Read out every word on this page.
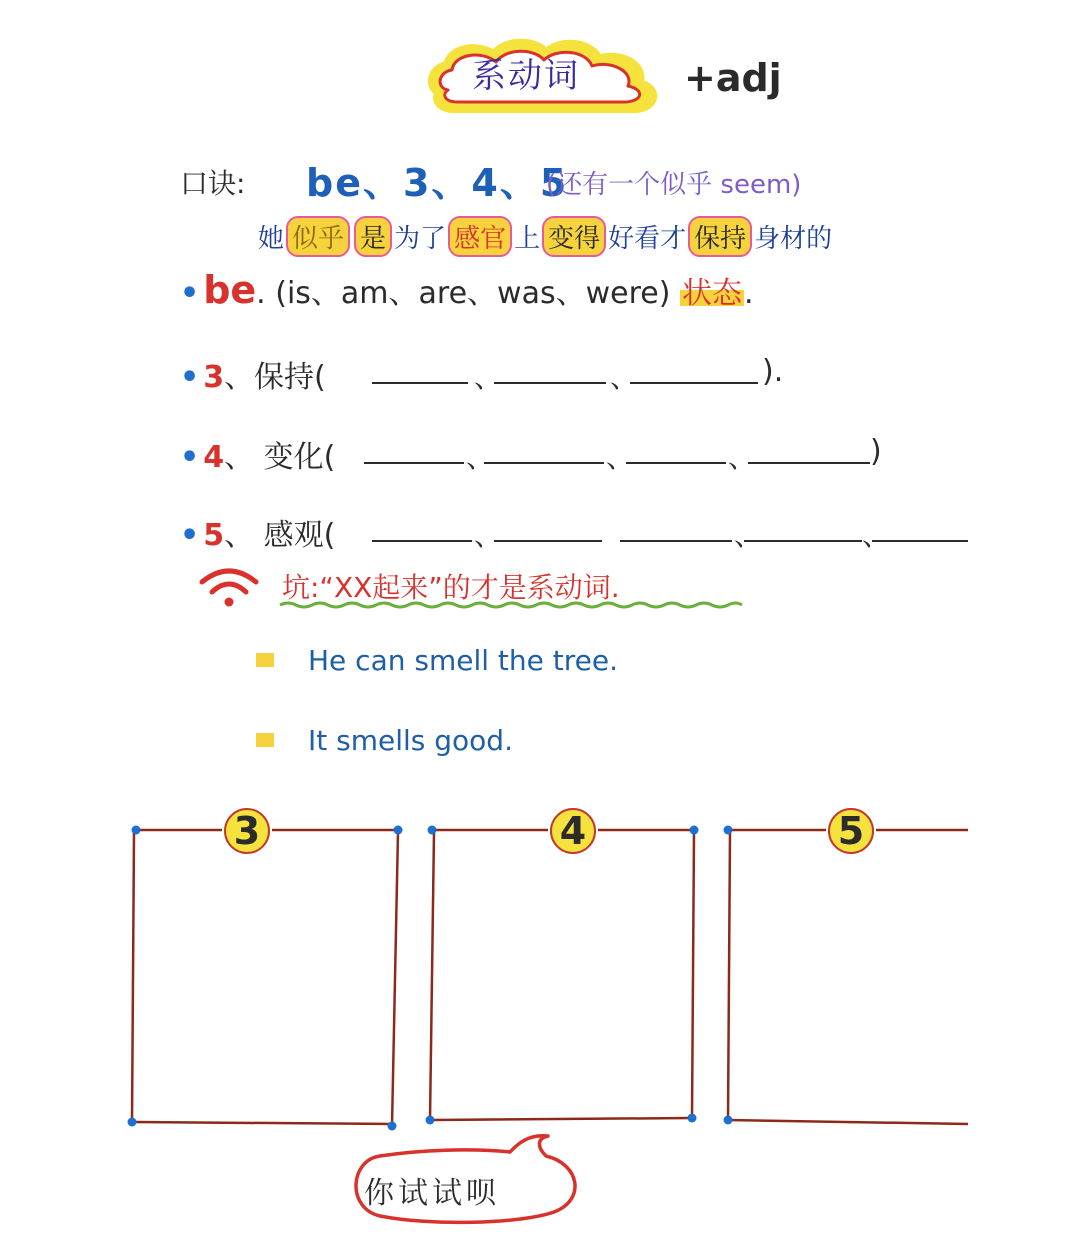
系动词	+adj
口诀: be、3、4、5
(还有一个似乎 seem)
她 似乎 是 为了 感官 上 变得 好看才 保持 身材的
• be. (is、am、are、was、were) 状态.
• 3、保持(	、	、	).
• 4、 变化(	、	、	、	)
• 5、 感观(	、	、	、
坑:“XX起来”的才是系动词.
He can smell the tree.
It smells good.
3	4	5
你试试呗
